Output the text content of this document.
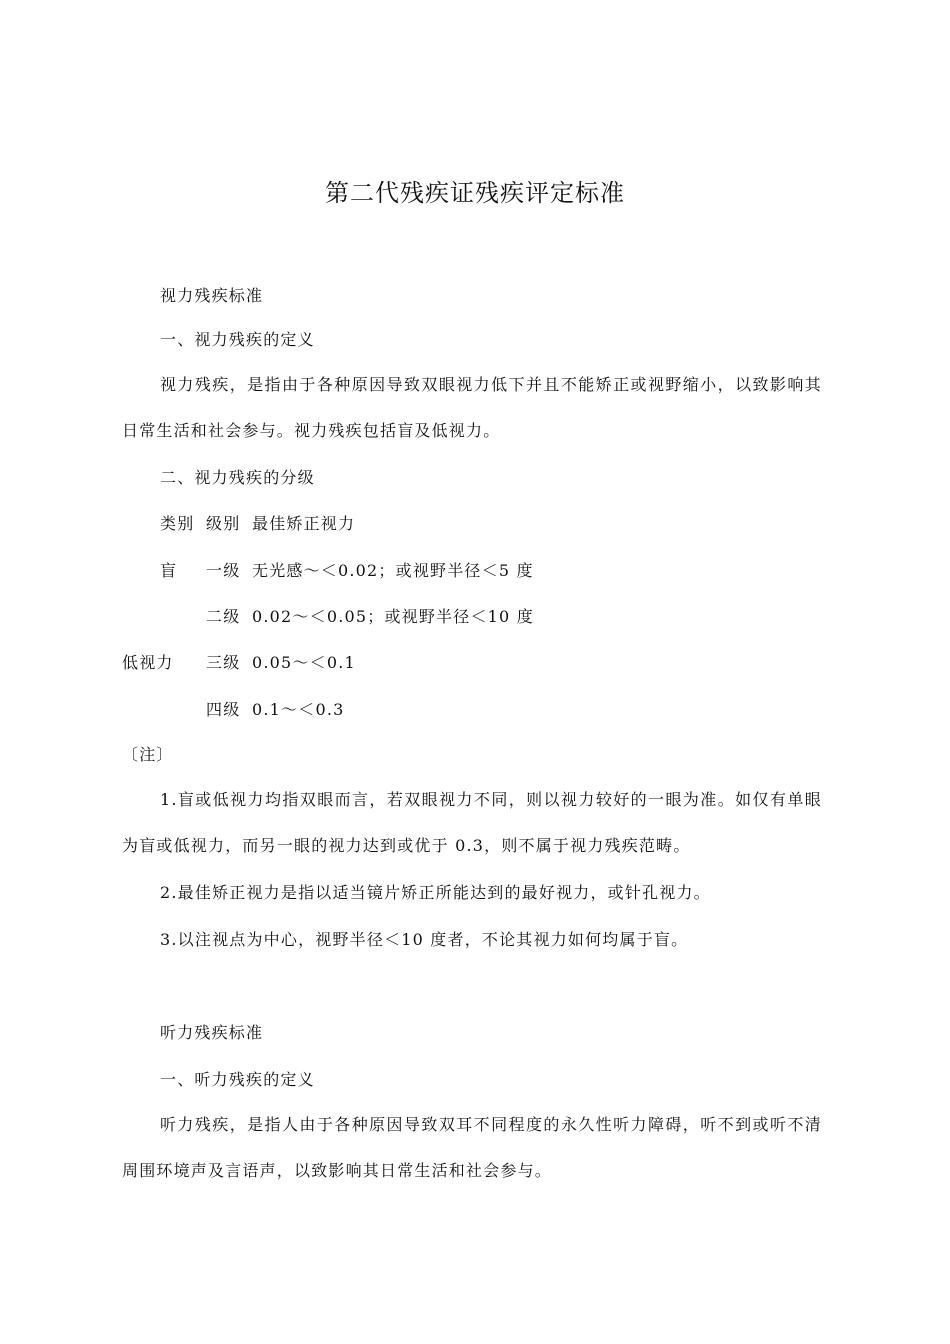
第二代残疾证残疾评定标准
视力残疾标准
一、视力残疾的定义
视力残疾，是指由于各种原因导致双眼视力低下并且不能矫正或视野缩小，以致影响其日常生活和社会参与。视力残疾包括盲及低视力。
二、视力残疾的分级
类别 级别 最佳矫正视力
盲 一级 无光感～＜0.02；或视野半径＜5 度
二级 0.02～＜0.05；或视野半径＜10 度
低视力 三级 0.05～＜0.1
四级 0.1～＜0.3
〔注〕
1.盲或低视力均指双眼而言，若双眼视力不同，则以视力较好的一眼为准。如仅有单眼为盲或低视力，而另一眼的视力达到或优于 0.3，则不属于视力残疾范畴。
2.最佳矫正视力是指以适当镜片矫正所能达到的最好视力，或针孔视力。
3.以注视点为中心，视野半径＜10 度者，不论其视力如何均属于盲。
听力残疾标准
一、听力残疾的定义
听力残疾，是指人由于各种原因导致双耳不同程度的永久性听力障碍，听不到或听不清周围环境声及言语声，以致影响其日常生活和社会参与。
